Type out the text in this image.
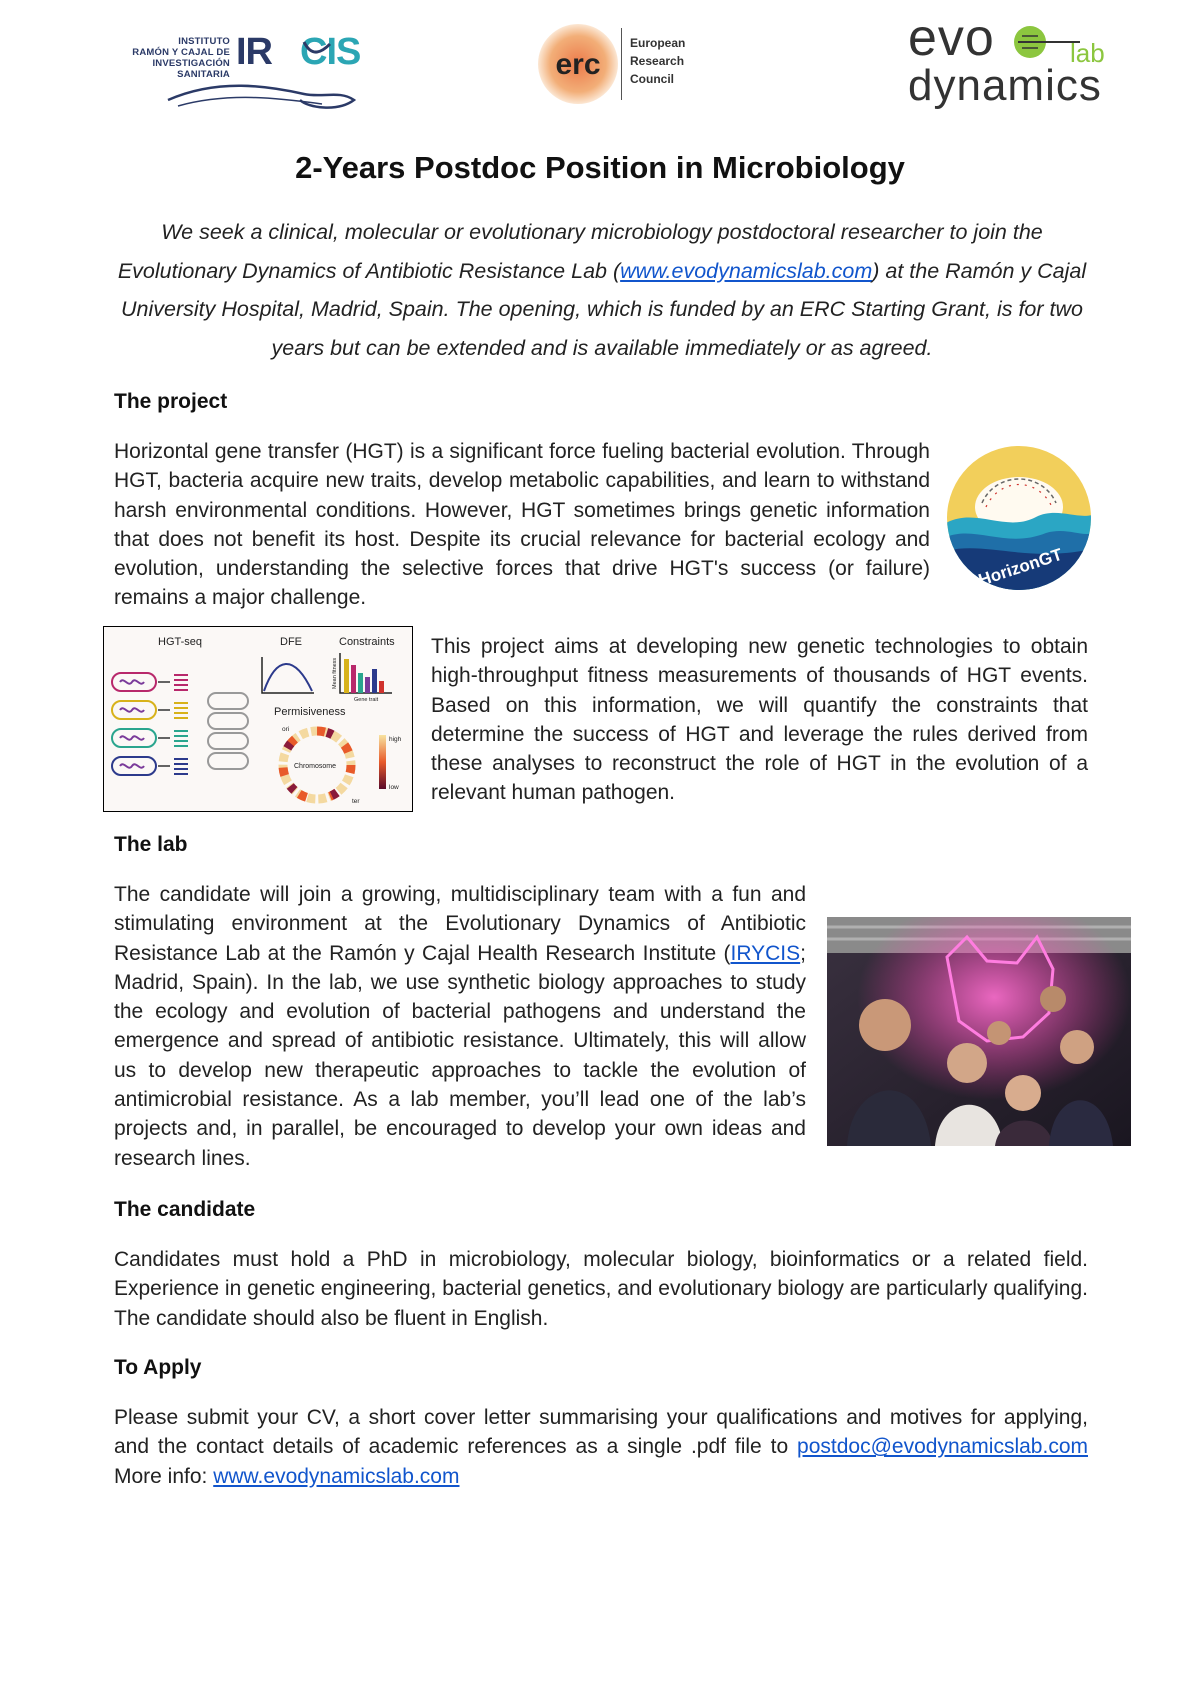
INSTITUTO
RAMÓN Y CAJAL DE
INVESTIGACIÓN SANITARIA
IR CIS	erc
European
Research
Council
evo	lab
dynamics
2-Years Postdoc Position in Microbiology
We seek a clinical, molecular or evolutionary microbiology postdoctoral researcher to join the Evolutionary Dynamics of Antibiotic Resistance Lab (www.evodynamicslab.com) at the Ramón y Cajal University Hospital, Madrid, Spain. The opening, which is funded by an ERC Starting Grant, is for two years but can be extended and is available immediately or as agreed.
The project
Horizontal gene transfer (HGT) is a significant force fueling bacterial evolution. Through HGT, bacteria acquire new traits, develop metabolic capabilities, and learn to withstand harsh environmental conditions. However, HGT sometimes brings genetic information that does not benefit its host. Despite its crucial relevance for bacterial ecology and evolution, understanding the selective forces that drive HGT's success (or failure) remains a major challenge.
HorizonGT
HGT-seq	DFE	Constraints
Mean fitness
Gene trait
Permisiveness
Chromosome
ori
ter
high
low
This project aims at developing new genetic technologies to obtain high-throughput fitness measurements of thousands of HGT events. Based on this information, we will quantify the constraints that determine the success of HGT and leverage the rules derived from these analyses to reconstruct the role of HGT in the evolution of a relevant human pathogen.
The lab
The candidate will join a growing, multidisciplinary team with a fun and stimulating environment at the Evolutionary Dynamics of Antibiotic Resistance Lab at the Ramón y Cajal Health Research Institute (IRYCIS; Madrid, Spain). In the lab, we use synthetic biology approaches to study the ecology and evolution of bacterial pathogens and understand the emergence and spread of antibiotic resistance. Ultimately, this will allow us to develop new therapeutic approaches to tackle the evolution of antimicrobial resistance. As a lab member, you’ll lead one of the lab’s projects and, in parallel, be encouraged to develop your own ideas and research lines.
The candidate
Candidates must hold a PhD in microbiology, molecular biology, bioinformatics or a related field. Experience in genetic engineering, bacterial genetics, and evolutionary biology are particularly qualifying. The candidate should also be fluent in English.
To Apply
Please submit your CV, a short cover letter summarising your qualifications and motives for applying, and the contact details of academic references as a single .pdf file to postdoc@evodynamicslab.com More info: www.evodynamicslab.com
